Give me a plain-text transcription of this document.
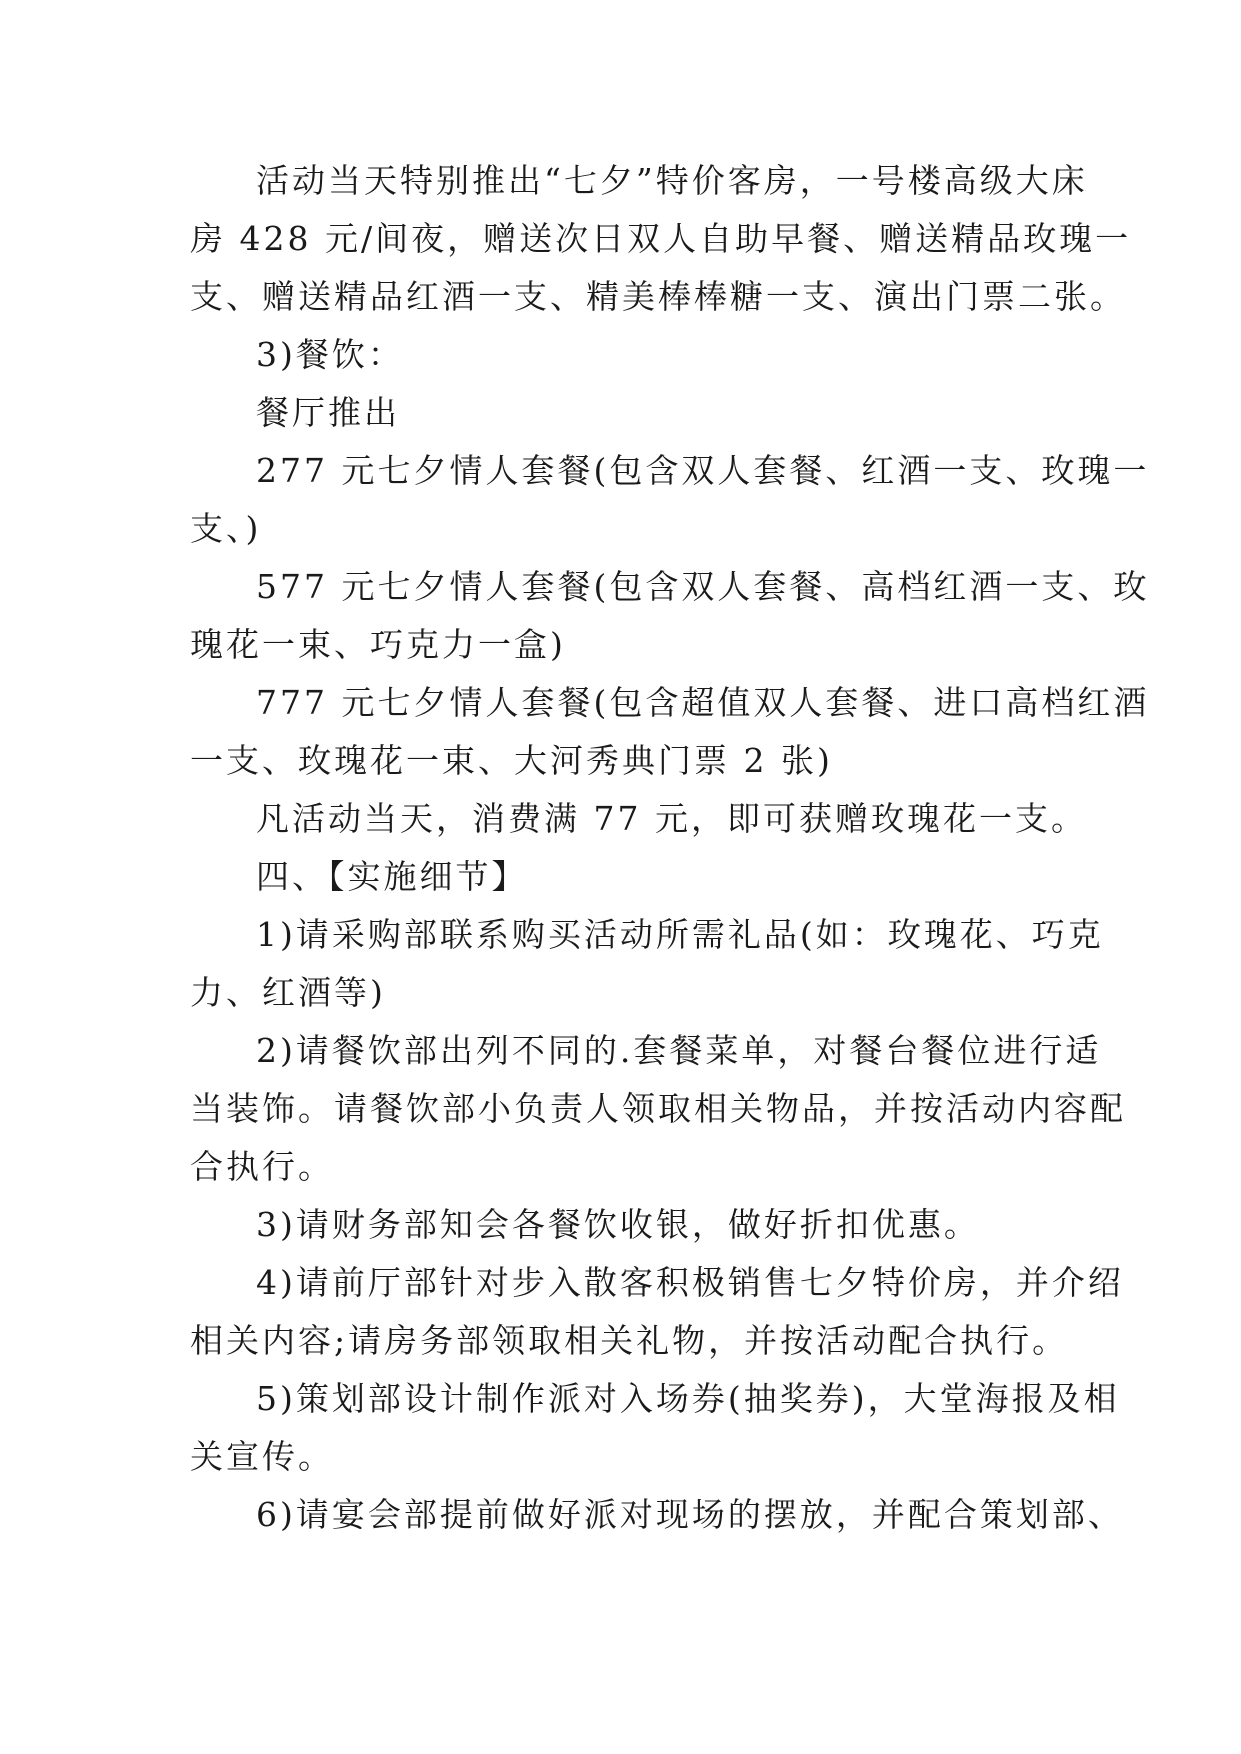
活动当天特别推出“七夕”特价客房，一号楼高级大床
房 428 元/间夜，赠送次日双人自助早餐、赠送精品玫瑰一
支、赠送精品红酒一支、精美棒棒糖一支、演出门票二张。
3)餐饮：
餐厅推出
277 元七夕情人套餐(包含双人套餐、红酒一支、玫瑰一
支、)
577 元七夕情人套餐(包含双人套餐、高档红酒一支、玫
瑰花一束、巧克力一盒)
777 元七夕情人套餐(包含超值双人套餐、进口高档红酒
一支、玫瑰花一束、大河秀典门票 2 张)
凡活动当天，消费满 77 元，即可获赠玫瑰花一支。
四、【实施细节】
1)请采购部联系购买活动所需礼品(如：玫瑰花、巧克
力、红酒等)
2)请餐饮部出列不同的.套餐菜单，对餐台餐位进行适
当装饰。请餐饮部小负责人领取相关物品，并按活动内容配
合执行。
3)请财务部知会各餐饮收银，做好折扣优惠。
4)请前厅部针对步入散客积极销售七夕特价房，并介绍
相关内容;请房务部领取相关礼物，并按活动配合执行。
5)策划部设计制作派对入场券(抽奖券)，大堂海报及相
关宣传。
6)请宴会部提前做好派对现场的摆放，并配合策划部、
